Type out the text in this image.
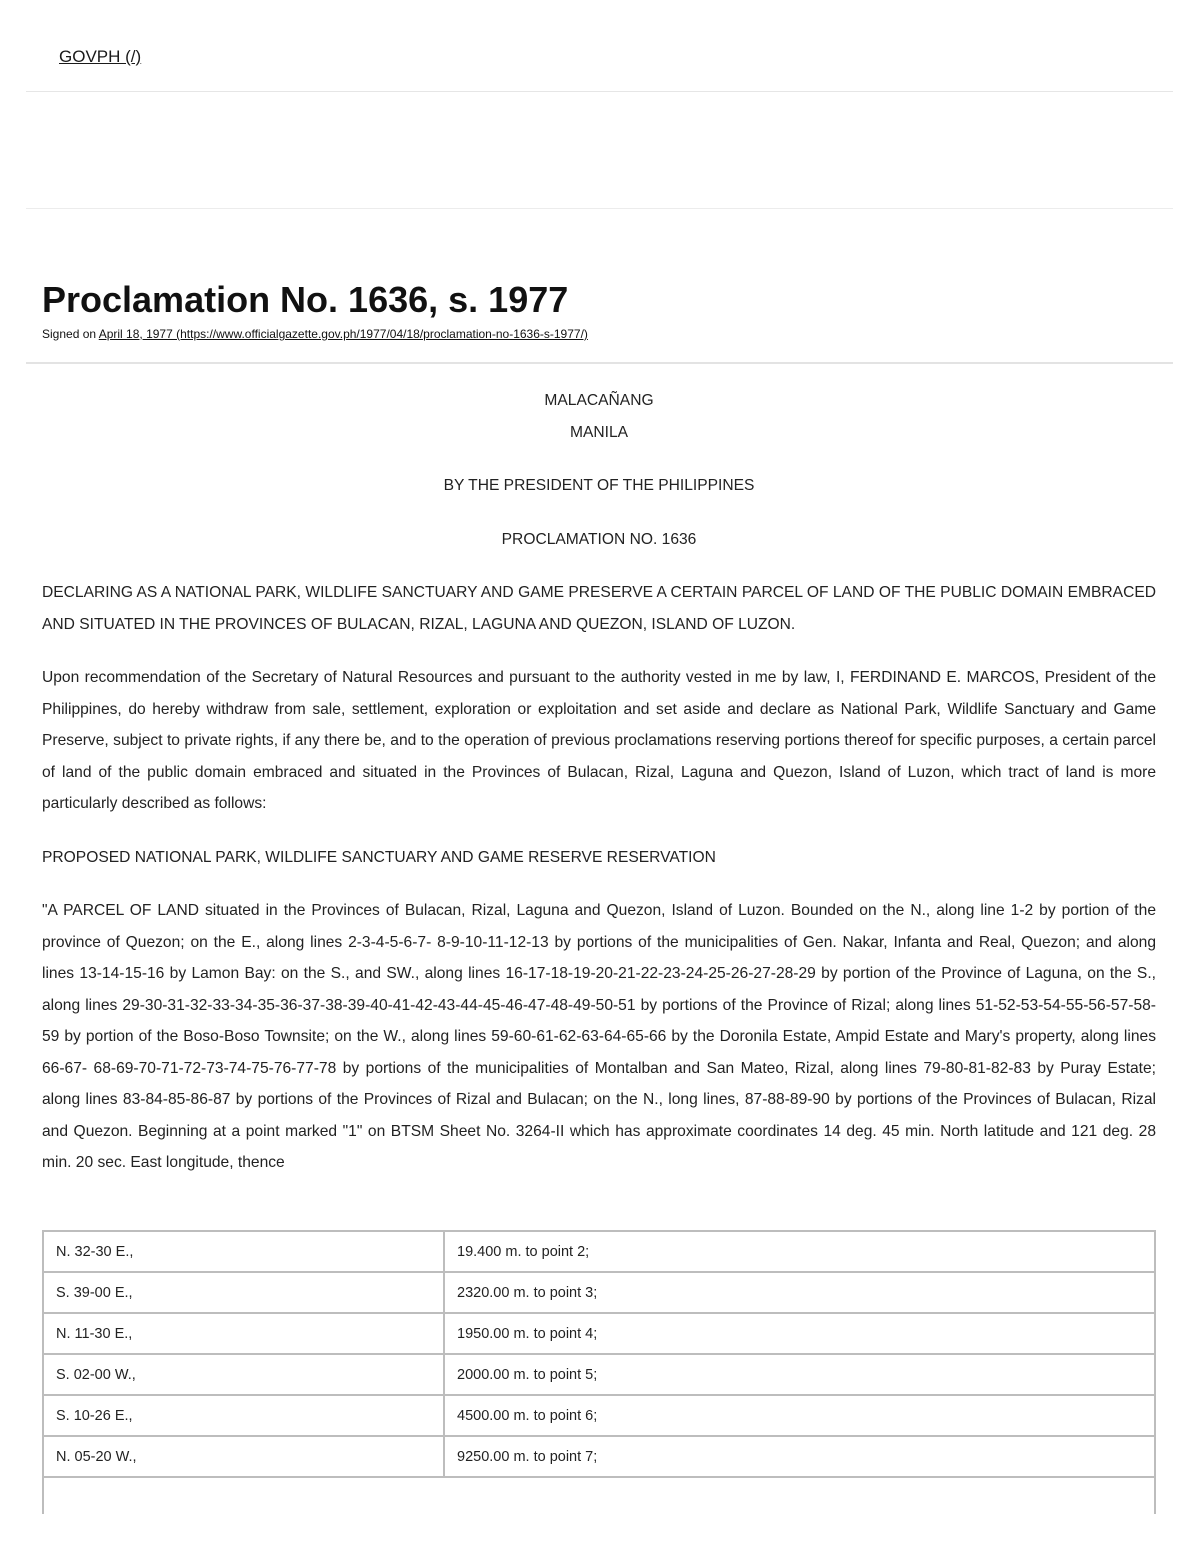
GOVPH (/)
Proclamation No. 1636, s. 1977
Signed on April 18, 1977 (https://www.officialgazette.gov.ph/1977/04/18/proclamation-no-1636-s-1977/)

MALACAÑANG

MANILA

BY THE PRESIDENT OF THE PHILIPPINES

PROCLAMATION NO. 1636

DECLARING AS A NATIONAL PARK, WILDLIFE SANCTUARY AND GAME PRESERVE A CERTAIN PARCEL OF LAND OF THE PUBLIC DOMAIN EMBRACED AND SITUATED IN THE PROVINCES OF BULACAN, RIZAL, LAGUNA AND QUEZON, ISLAND OF LUZON.

Upon recommendation of the Secretary of Natural Resources and pursuant to the authority vested in me by law, I, FERDINAND E. MARCOS, President of the Philippines, do hereby withdraw from sale, settlement, exploration or exploitation and set aside and declare as National Park, Wildlife Sanctuary and Game Preserve, subject to private rights, if any there be, and to the operation of previous proclamations reserving portions thereof for specific purposes, a certain parcel of land of the public domain embraced and situated in the Provinces of Bulacan, Rizal, Laguna and Quezon, Island of Luzon, which tract of land is more particularly described as follows:

PROPOSED NATIONAL PARK, WILDLIFE SANCTUARY AND GAME RESERVE RESERVATION

"A PARCEL OF LAND situated in the Provinces of Bulacan, Rizal, Laguna and Quezon, Island of Luzon. Bounded on the N., along line 1-2 by portion of the province of Quezon; on the E., along lines 2-3-4-5-6-7- 8-9-10-11-12-13 by portions of the municipalities of Gen. Nakar, Infanta and Real, Quezon; and along lines 13-14-15-16 by Lamon Bay: on the S., and SW., along lines 16-17-18-19-20-21-22-23-24-25-26-27-28-29 by portion of the Province of Laguna, on the S., along lines 29-30-31-32-33-34-35-36-37-38-39-40-41-42-43-44-45-46-47-48-49-50-51 by portions of the Province of Rizal; along lines 51-52-53-54-55-56-57-58-59 by portion of the Boso-Boso Townsite; on the W., along lines 59-60-61-62-63-64-65-66 by the Doronila Estate, Ampid Estate and Mary's property, along lines 66-67- 68-69-70-71-72-73-74-75-76-77-78 by portions of the municipalities of Montalban and San Mateo, Rizal, along lines 79-80-81-82-83 by Puray Estate; along lines 83-84-85-86-87 by portions of the Provinces of Rizal and Bulacan; on the N., long lines, 87-88-89-90 by portions of the Provinces of Bulacan, Rizal and Quezon. Beginning at a point marked "1" on BTSM Sheet No. 3264-II which has approximate coordinates 14 deg. 45 min. North latitude and 121 deg. 28 min. 20 sec. East longitude, thence

N. 32-30 E.,	19.400 m. to point 2;
S. 39-00 E.,	2320.00 m. to point 3;
N. 11-30 E.,	1950.00 m. to point 4;
S. 02-00 W.,	2000.00 m. to point 5;
S. 10-26 E.,	4500.00 m. to point 6;
N. 05-20 W.,	9250.00 m. to point 7;
